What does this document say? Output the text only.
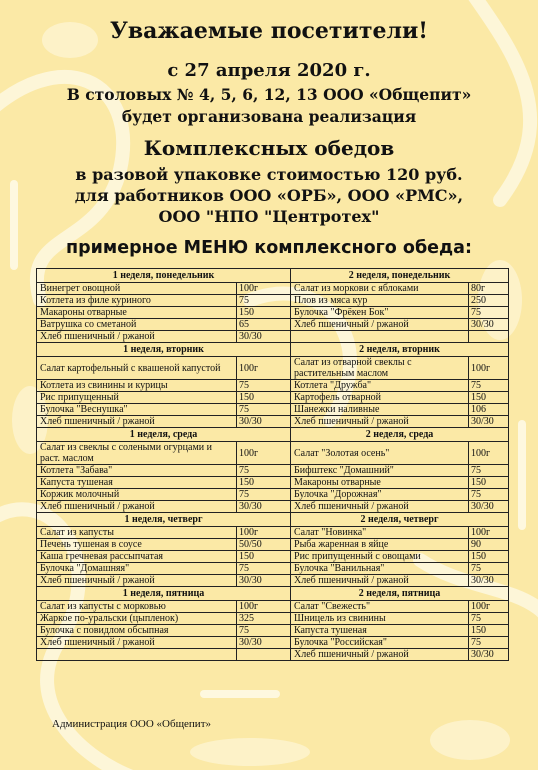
Уважаемые посетители!
с 27 апреля 2020 г.
В столовых № 4, 5, 6, 12, 13 ООО «Общепит»
будет организована реализация
Комплексных обедов
в разовой упаковке стоимостью 120 руб.
для работников ООО «ОРБ», ООО «РМС»,
ООО "НПО "Центротех"
примерное МЕНЮ комплексного обеда:
1 неделя, понедельник		2 неделя, понедельник	
Винегрет овощной	100г	Салат из моркови с яблоками	80г
Котлета из филе куриного	75	Плов из мяса кур	250
Макароны отварные	150	Булочка "Фрёкен Бок"	75
Ватрушка со сметаной	65	Хлеб пшеничный / ржаной	30/30
Хлеб пшеничный / ржаной	30/30		
1 неделя, вторник		2 неделя, вторник	
Салат картофельный с квашеной капустой	100г	Салат из отварной свеклы с растительным маслом	100г
Котлета из свинины и курицы	75	Котлета "Дружба"	75
Рис припущенный	150	Картофель отварной	150
Булочка "Веснушка"	75	Шанежки наливные	106
Хлеб пшеничный / ржаной	30/30	Хлеб пшеничный / ржаной	30/30
1 неделя, среда		2 неделя, среда	
Салат из свеклы с солеными огурцами и раст. маслом	100г	Салат "Золотая осень"	100г
Котлета "Забава"	75	Бифштекс "Домашний"	75
Капуста тушеная	150	Макароны отварные	150
Коржик молочный	75	Булочка "Дорожная"	75
Хлеб пшеничный / ржаной	30/30	Хлеб пшеничный / ржаной	30/30
1 неделя, четверг		2 неделя, четверг	
Салат из капусты	100г	Салат "Новинка"	100г
Печень тушеная в соусе	50/50	Рыба жаренная в яйце	90
Каша гречневая рассыпчатая	150	Рис припущенный с овощами	150
Булочка "Домашняя"	75	Булочка "Ванильная"	75
Хлеб пшеничный / ржаной	30/30	Хлеб пшеничный / ржаной	30/30
1 неделя, пятница		2 неделя, пятница	
Салат из капусты с морковью	100г	Салат "Свежесть"	100г
Жаркое по-уральски (цыпленок)	325	Шницель из свинины	75
Булочка с повидлом обсыпная	75	Капуста тушеная	150
Хлеб пшеничный / ржаной	30/30	Булочка "Российская"	75
		Хлеб пшеничный / ржаной	30/30
Администрация ООО «Общепит»
